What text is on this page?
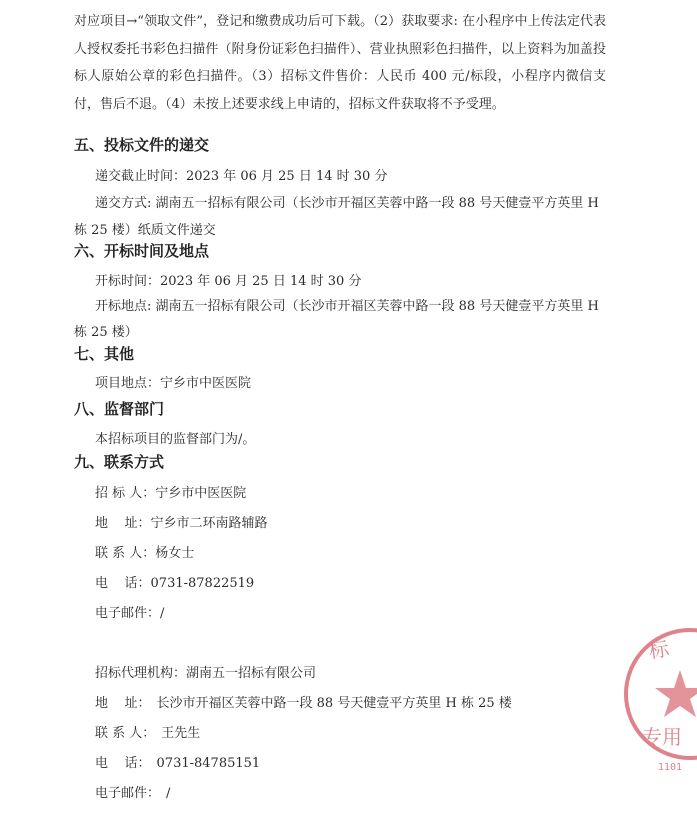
对应项目→“领取文件”，登记和缴费成功后可下载。（2）获取要求: 在小程序中上传法定代表人授权委托书彩色扫描件（附身份证彩色扫描件）、营业执照彩色扫描件，以上资料为加盖投标人原始公章的彩色扫描件。（3）招标文件售价：人民币 400 元/标段，小程序内微信支付，售后不退。（4）未按上述要求线上申请的，招标文件获取将不予受理。

五、投标文件的递交
递交截止时间：2023 年 06 月 25 日 14 时 30 分
递交方式: 湖南五一招标有限公司（长沙市开福区芙蓉中路一段 88 号天健壹平方英里 H
栋 25 楼）纸质文件递交
六、开标时间及地点
开标时间：2023 年 06 月 25 日 14 时 30 分
开标地点: 湖南五一招标有限公司（长沙市开福区芙蓉中路一段 88 号天健壹平方英里 H
栋 25 楼）
七、其他
项目地点：宁乡市中医医院
八、监督部门
本招标项目的监督部门为/。
九、联系方式
招 标 人：宁乡市中医医院
地    址：宁乡市二环南路辅路
联 系 人：杨女士
电    话：0731-87822519
电子邮件：/
招标代理机构：湖南五一招标有限公司
地    址： 长沙市开福区芙蓉中路一段 88 号天健壹平方英里 H 栋 25 楼
联 系 人： 王先生
电    话： 0731-84785151
电子邮件： /
标
专用
1101
